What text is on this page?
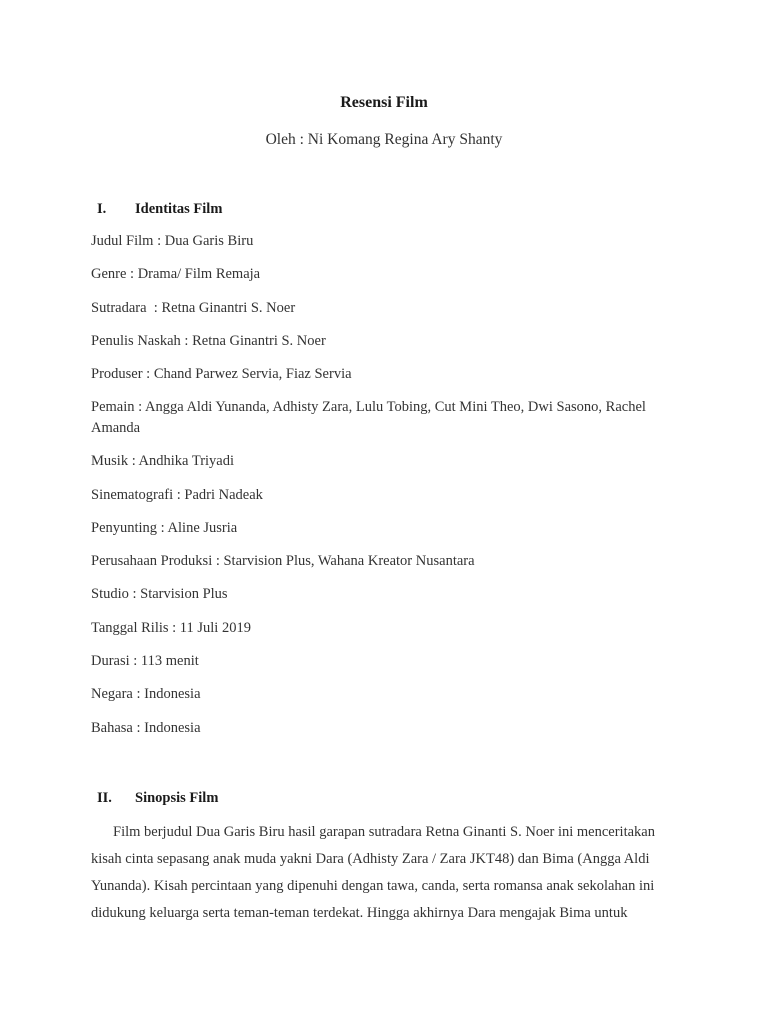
Resensi Film
Oleh : Ni Komang Regina Ary Shanty
I. Identitas Film
Judul Film : Dua Garis Biru
Genre : Drama/ Film Remaja
Sutradara  : Retna Ginantri S. Noer
Penulis Naskah : Retna Ginantri S. Noer
Produser : Chand Parwez Servia, Fiaz Servia
Pemain : Angga Aldi Yunanda, Adhisty Zara, Lulu Tobing, Cut Mini Theo, Dwi Sasono, Rachel Amanda
Musik : Andhika Triyadi
Sinematografi : Padri Nadeak
Penyunting : Aline Jusria
Perusahaan Produksi : Starvision Plus, Wahana Kreator Nusantara
Studio : Starvision Plus
Tanggal Rilis : 11 Juli 2019
Durasi : 113 menit
Negara : Indonesia
Bahasa : Indonesia
II. Sinopsis Film
Film berjudul Dua Garis Biru hasil garapan sutradara Retna Ginanti S. Noer ini menceritakan
kisah cinta sepasang anak muda yakni Dara (Adhisty Zara / Zara JKT48) dan Bima (Angga Aldi
Yunanda). Kisah percintaan yang dipenuhi dengan tawa, canda, serta romansa anak sekolahan ini
didukung keluarga serta teman-teman terdekat. Hingga akhirnya Dara mengajak Bima untuk
